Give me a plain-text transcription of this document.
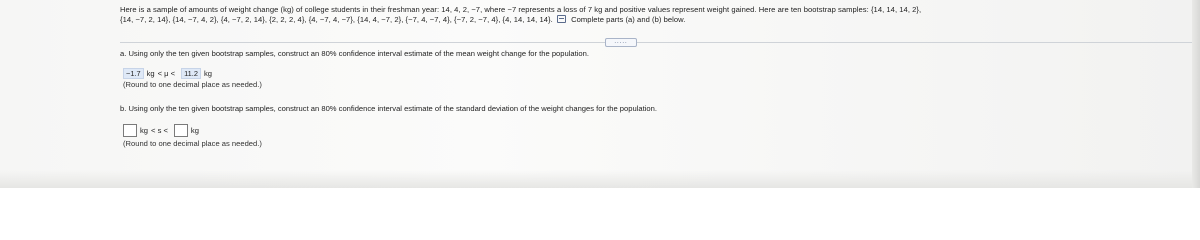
Here is a sample of amounts of weight change (kg) of college students in their freshman year: 14, 4, 2, −7, where −7 represents a loss of 7 kg and positive values represent weight gained. Here are ten bootstrap samples: {14, 14, 14, 2},
{14, −7, 2, 14}, {14, −7, 4, 2}, {4, −7, 2, 14}, {2, 2, 2, 4}, {4, −7, 4, −7}, {14, 4, −7, 2}, {−7, 4, −7, 4}, {−7, 2, −7, 4}, {4, 14, 14, 14}. Complete parts (a) and (b) below.
.....
a. Using only the ten given bootstrap samples, construct an 80% confidence interval estimate of the mean weight change for the population.
−1.7 kg < μ <	11.2 kg
(Round to one decimal place as needed.)
b. Using only the ten given bootstrap samples, construct an 80% confidence interval estimate of the standard deviation of the weight changes for the population.
kg < s <	kg
(Round to one decimal place as needed.)
